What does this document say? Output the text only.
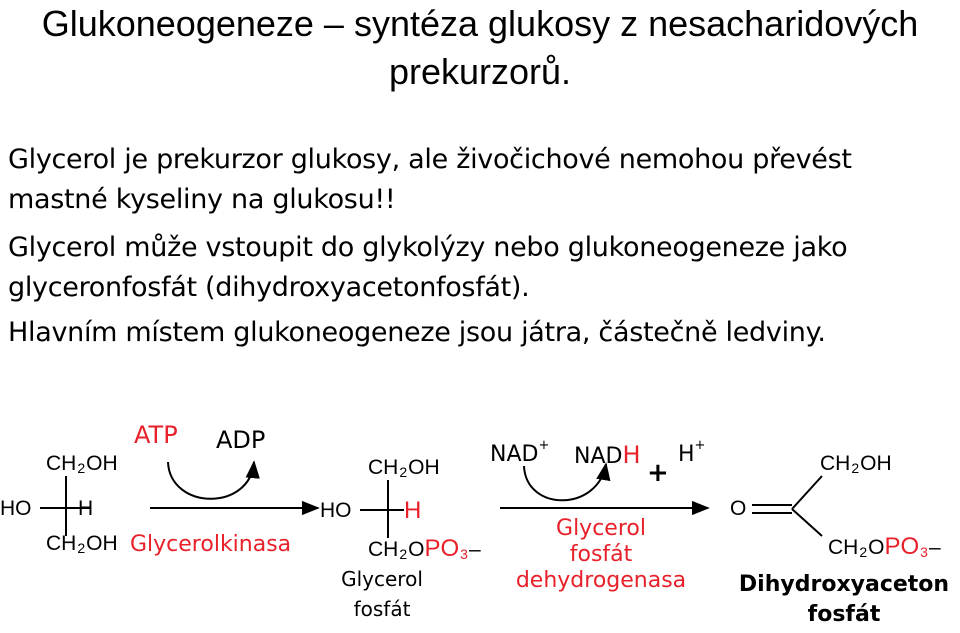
Glukoneogeneze – syntéza glukosy z nesacharidových prekurzorů.
Glycerol je prekurzor glukosy, ale živočichové nemohou převést mastné kyseliny na glukosu!!
Glycerol může vstoupit do glykolýzy nebo glukoneogeneze jako glyceronfosfát (dihydroxyacetonfosfát).
Hlavním místem glukoneogeneze jsou játra, částečně ledviny.
CH2OH
HO H
CH2OH
ATP ADP
Glycerolkinasa
CH2OH
HO H
CH2OPO3–
Glycerol
fosfát
NAD+ NADH H+
+
Glycerol
fosfát
dehydrogenasa
CH2OH
O
CH2OPO3–
Dihydroxyaceton
fosfát
